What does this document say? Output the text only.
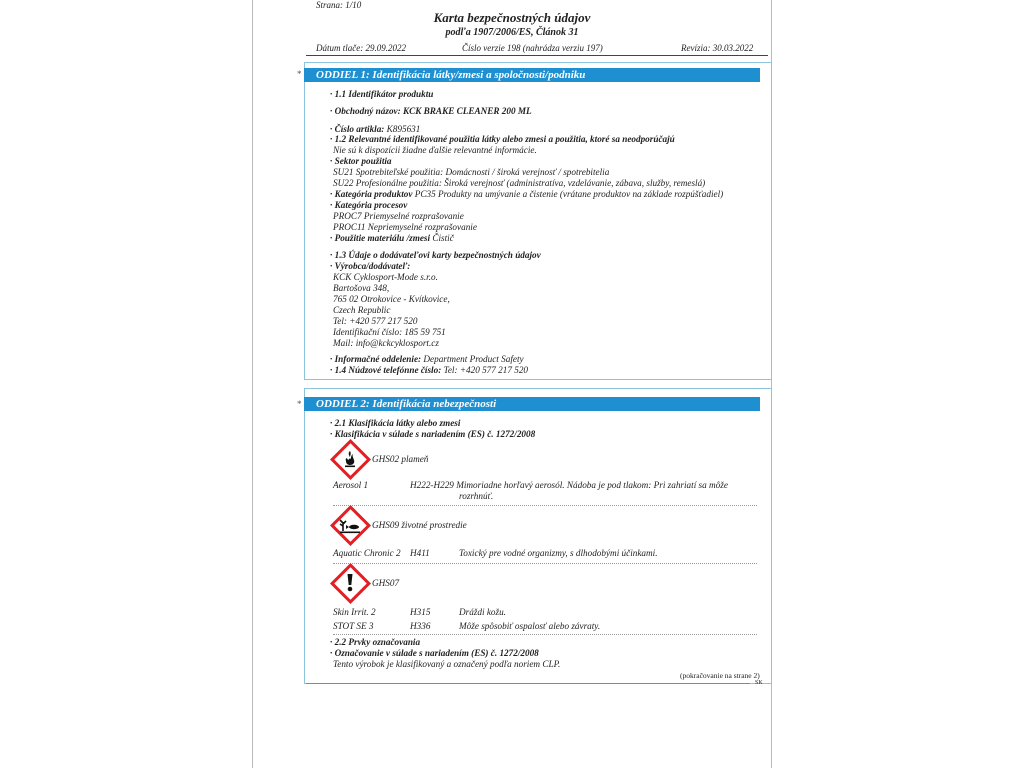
Strana: 1/10
Karta bezpečnostných údajov
podľa 1907/2006/ES, Článok 31
Dátum tlače: 29.09.2022	Číslo verzie 198 (nahrádza verziu 197)	Revízia: 30.03.2022
*	ODDIEL 1: Identifikácia látky/zmesi a spoločnosti/podniku
· 1.1 Identifikátor produktu
· Obchodný názov: KCK BRAKE CLEANER 200 ML
· Číslo artikla: K895631
· 1.2 Relevantné identifikované použitia látky alebo zmesi a použitia, ktoré sa neodporúčajú
Nie sú k dispozícii žiadne ďalšie relevantné informácie.
· Sektor použitia
SU21 Spotrebiteľské použitia: Domácnosti / široká verejnosť / spotrebitelia
SU22 Profesionálne použitia: Široká verejnosť (administratíva, vzdelávanie, zábava, služby, remeslá)
· Kategória produktov PC35 Produkty na umývanie a čistenie (vrátane produktov na základe rozpúšťadiel)
· Kategória procesov
PROC7 Priemyselné rozprašovanie
PROC11 Nepriemyselné rozprašovanie
· Použitie materiálu /zmesi Čistič
· 1.3 Údaje o dodávateľovi karty bezpečnostných údajov
· Výrobca/dodávateľ:
KCK Cyklosport-Mode s.r.o.
Bartošova 348,
765 02 Otrokovice - Kvítkovice,
Czech Republic
Tel: +420 577 217 520
Identifikační číslo: 185 59 751
Mail: info@kckcyklosport.cz
· Informačné oddelenie: Department Product Safety
· 1.4 Núdzové telefónne číslo: Tel: +420 577 217 520
*	ODDIEL 2: Identifikácia nebezpečnosti
· 2.1 Klasifikácia látky alebo zmesi
· Klasifikácia v súlade s nariadením (ES) č. 1272/2008
GHS02 plameň
Aerosol 1	H222-H229 Mimoriadne horľavý aerosól. Nádoba je pod tlakom: Pri zahriatí sa môže
rozrhnúť.
GHS09 životné prostredie
Aquatic Chronic 2 H411	Toxický pre vodné organizmy, s dlhodobými účinkami.
GHS07
Skin Irrit. 2	H315	Dráždi kožu.
STOT SE 3	H336	Môže spôsobiť ospalosť alebo závraty.
· 2.2 Prvky označovania
· Označovanie v súlade s nariadením (ES) č. 1272/2008
Tento výrobok je klasifikovaný a označený podľa noriem CLP.
(pokračovanie na strane 2)
SK
